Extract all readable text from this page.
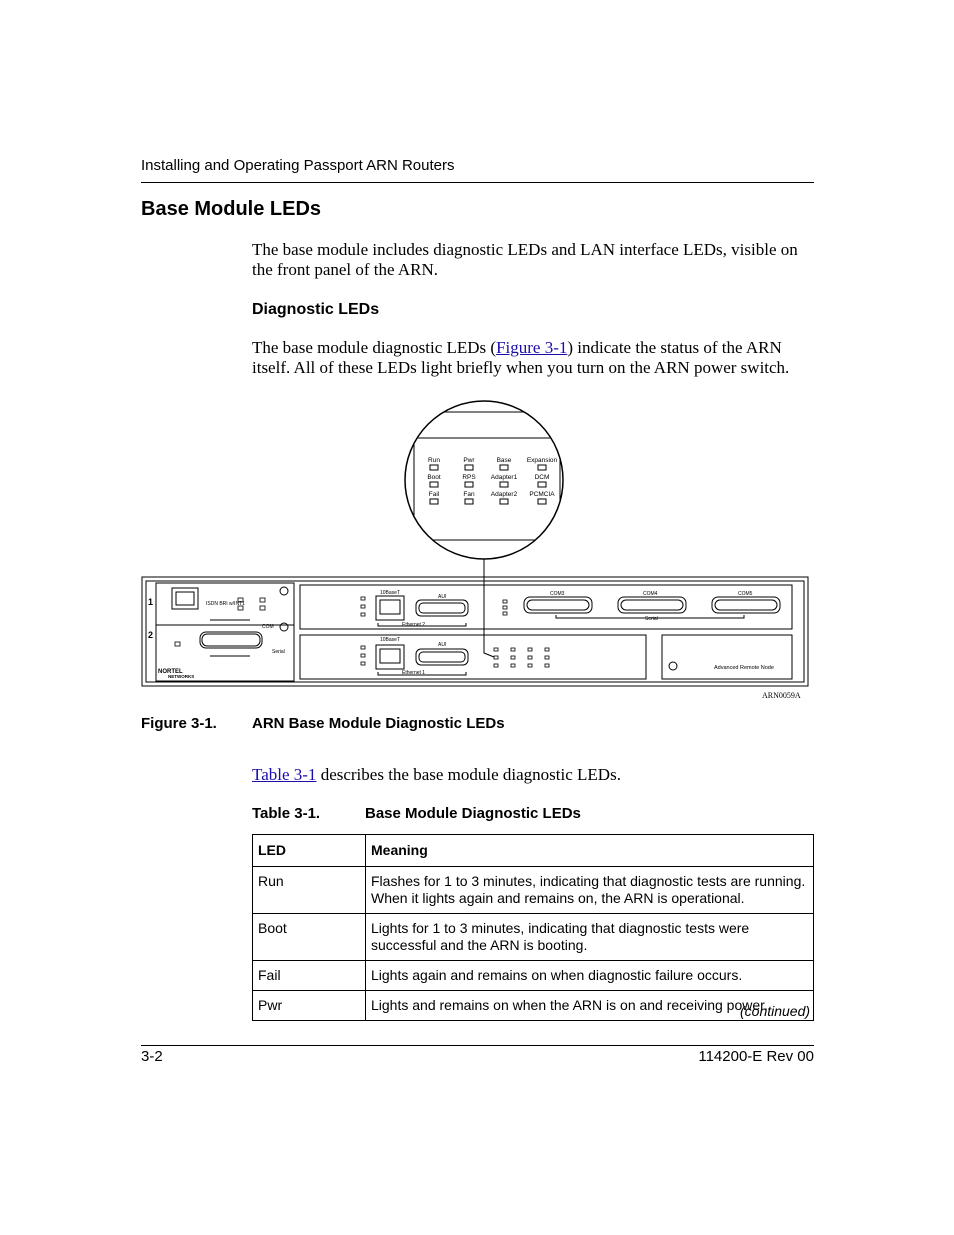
Installing and Operating Passport ARN Routers
Base Module LEDs
The base module includes diagnostic LEDs and LAN interface LEDs, visible on the front panel of the ARN.
Diagnostic LEDs
The base module diagnostic LEDs (Figure 3-1) indicate the status of the ARN itself. All of these LEDs light briefly when you turn on the ARN power switch.
Run	Pwr	Base Expansion
Boot	RPS Adapter1	DCM
Fail	Fan Adapter2 PCMCIA
1
2
ISDN BRI w/INT1
COM
Serial
NORTEL
NETWORKS
10BaseT
AUI
Ethernet 2
10BaseT
AUI
Ethernet 1
COM3	COM4	COM5
Serial
Advanced Remote Node
ARN0059A
Figure 3-1. ARN Base Module Diagnostic LEDs
Table 3-1 describes the base module diagnostic LEDs.
Table 3-1.	Base Module Diagnostic LEDs
LED	Meaning
Run	Flashes for 1 to 3 minutes, indicating that diagnostic tests are running. When it lights again and remains on, the ARN is operational.
Boot	Lights for 1 to 3 minutes, indicating that diagnostic tests were successful and the ARN is booting.
Fail	Lights again and remains on when diagnostic failure occurs.
Pwr	Lights and remains on when the ARN is on and receiving power.
(continued)
3-2	114200-E Rev 00
